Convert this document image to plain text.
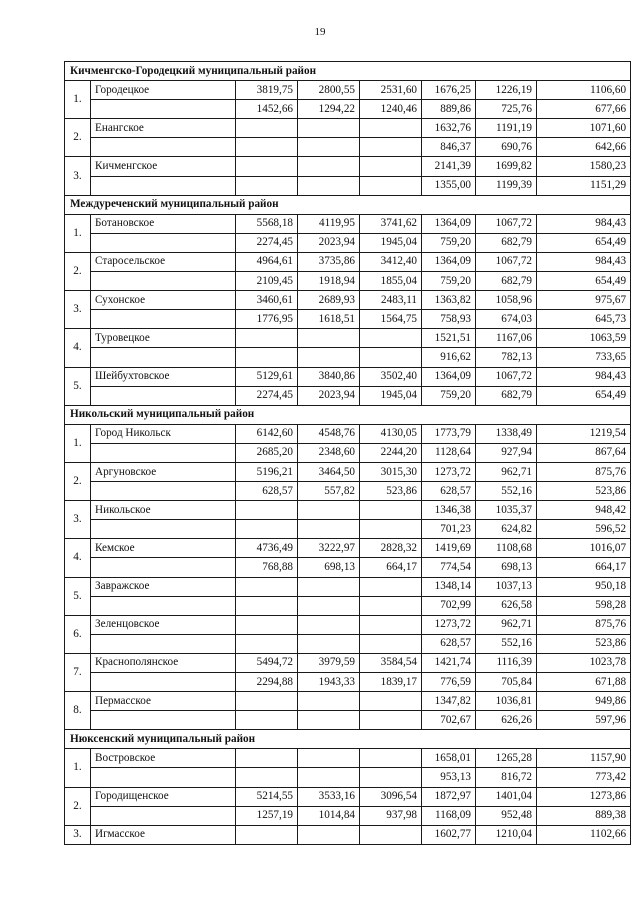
19
Кичменгско-Городецкий муниципальный район							
1.	Городецкое	3819,75	2800,55	2531,60	1676,25	1226,19	1106,60
		1452,66	1294,22	1240,46	889,86	725,76	677,66
2.	Енангское				1632,76	1191,19	1071,60
					846,37	690,76	642,66
3.	Кичменгское				2141,39	1699,82	1580,23
					1355,00	1199,39	1151,29
Междуреченский муниципальный район							
1.	Ботановское	5568,18	4119,95	3741,62	1364,09	1067,72	984,43
		2274,45	2023,94	1945,04	759,20	682,79	654,49
2.	Старосельское	4964,61	3735,86	3412,40	1364,09	1067,72	984,43
		2109,45	1918,94	1855,04	759,20	682,79	654,49
3.	Сухонское	3460,61	2689,93	2483,11	1363,82	1058,96	975,67
		1776,95	1618,51	1564,75	758,93	674,03	645,73
4.	Туровецкое				1521,51	1167,06	1063,59
					916,62	782,13	733,65
5.	Шейбухтовское	5129,61	3840,86	3502,40	1364,09	1067,72	984,43
		2274,45	2023,94	1945,04	759,20	682,79	654,49
Никольский муниципальный район							
1.	Город Никольск	6142,60	4548,76	4130,05	1773,79	1338,49	1219,54
		2685,20	2348,60	2244,20	1128,64	927,94	867,64
2.	Аргуновское	5196,21	3464,50	3015,30	1273,72	962,71	875,76
		628,57	557,82	523,86	628,57	552,16	523,86
3.	Никольское				1346,38	1035,37	948,42
					701,23	624,82	596,52
4.	Кемское	4736,49	3222,97	2828,32	1419,69	1108,68	1016,07
		768,88	698,13	664,17	774,54	698,13	664,17
5.	Завражское				1348,14	1037,13	950,18
					702,99	626,58	598,28
6.	Зеленцовское				1273,72	962,71	875,76
					628,57	552,16	523,86
7.	Краснополянское	5494,72	3979,59	3584,54	1421,74	1116,39	1023,78
		2294,88	1943,33	1839,17	776,59	705,84	671,88
8.	Пермасское				1347,82	1036,81	949,86
					702,67	626,26	597,96
Нюксенский муниципальный район							
1.	Востровское				1658,01	1265,28	1157,90
					953,13	816,72	773,42
2.	Городищенское	5214,55	3533,16	3096,54	1872,97	1401,04	1273,86
		1257,19	1014,84	937,98	1168,09	952,48	889,38
3.	Игмасское				1602,77	1210,04	1102,66
